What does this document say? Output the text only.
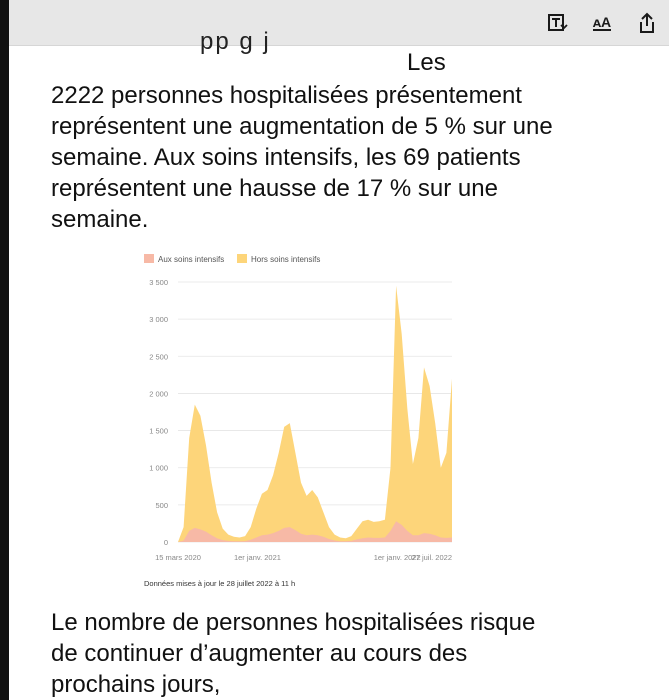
ᴀA
pp g j
Les
2222 personnes hospitalisées présentement
représentent une augmentation de 5 % sur une
semaine. Aux soins intensifs, les 69 patients
représentent une hausse de 17 % sur une
semaine.
Aux soins intensifs	Hors soins intensifs
0
500
1 000
1 500
2 000
2 500
3 000
3 500
15 mars 2020	1er janv. 2021	1er janv. 2022
27 juil. 2022
Données mises à jour le 28 juillet 2022 à 11 h
Le nombre de personnes hospitalisées risque
de continuer d’augmenter au cours des
prochains jours,
